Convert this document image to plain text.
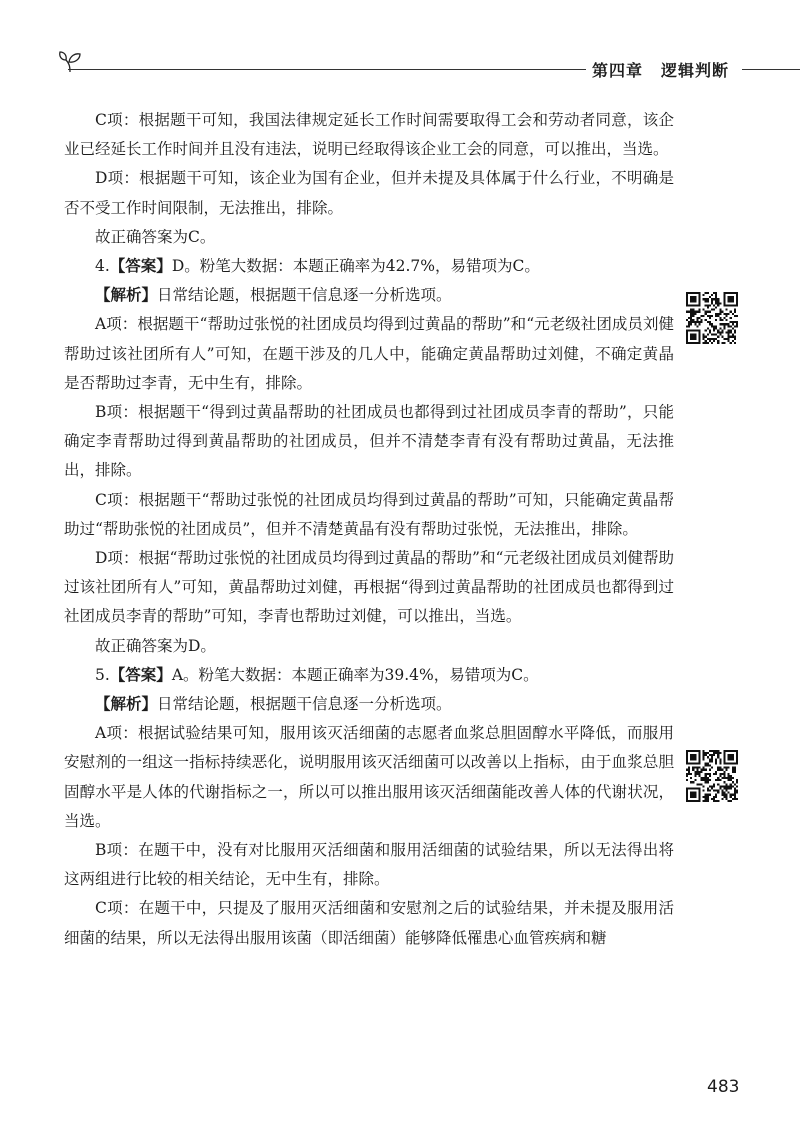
第四章 逻辑判断

C项：根据题干可知，我国法律规定延长工作时间需要取得工会和劳动者同意，该企业已经延长工作时间并且没有违法，说明已经取得该企业工会的同意，可以推出，当选。

D项：根据题干可知，该企业为国有企业，但并未提及具体属于什么行业，不明确是否不受工作时间限制，无法推出，排除。

故正确答案为C。

4.【答案】D。粉笔大数据：本题正确率为42.7%，易错项为C。

【解析】日常结论题，根据题干信息逐一分析选项。

A项：根据题干“帮助过张悦的社团成员均得到过黄晶的帮助”和“元老级社团成员刘健帮助过该社团所有人”可知，在题干涉及的几人中，能确定黄晶帮助过刘健，不确定黄晶是否帮助过李青，无中生有，排除。

B项：根据题干“得到过黄晶帮助的社团成员也都得到过社团成员李青的帮助”，只能确定李青帮助过得到黄晶帮助的社团成员，但并不清楚李青有没有帮助过黄晶，无法推出，排除。

C项：根据题干“帮助过张悦的社团成员均得到过黄晶的帮助”可知，只能确定黄晶帮助过“帮助张悦的社团成员”，但并不清楚黄晶有没有帮助过张悦，无法推出，排除。

D项：根据“帮助过张悦的社团成员均得到过黄晶的帮助”和“元老级社团成员刘健帮助过该社团所有人”可知，黄晶帮助过刘健，再根据“得到过黄晶帮助的社团成员也都得到过社团成员李青的帮助”可知，李青也帮助过刘健，可以推出，当选。

故正确答案为D。

5.【答案】A。粉笔大数据：本题正确率为39.4%，易错项为C。

【解析】日常结论题，根据题干信息逐一分析选项。

A项：根据试验结果可知，服用该灭活细菌的志愿者血浆总胆固醇水平降低，而服用安慰剂的一组这一指标持续恶化，说明服用该灭活细菌可以改善以上指标，由于血浆总胆固醇水平是人体的代谢指标之一，所以可以推出服用该灭活细菌能改善人体的代谢状况，当选。

B项：在题干中，没有对比服用灭活细菌和服用活细菌的试验结果，所以无法得出将这两组进行比较的相关结论，无中生有，排除。

C项：在题干中，只提及了服用灭活细菌和安慰剂之后的试验结果，并未提及服用活细菌的结果，所以无法得出服用该菌（即活细菌）能够降低罹患心血管疾病和糖

483
